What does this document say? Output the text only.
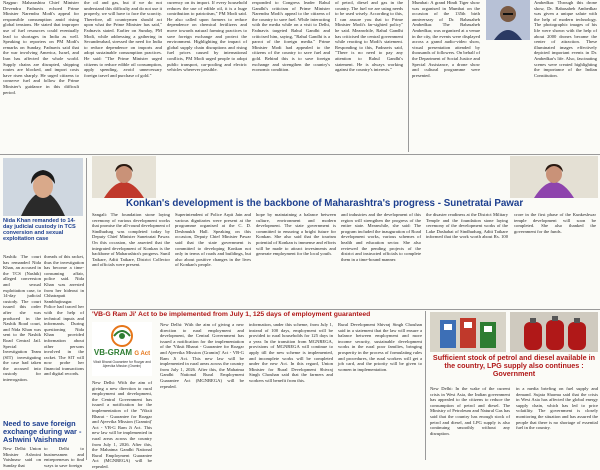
Nagpur: Maharashtra Chief Minister Devendra Fadnavis echoed Prime Minister Narendra Modi's appeal for responsible consumption amid rising global tensions. He stated that improper use of fuel resources could eventually lead to shortages in India as well. Speaking to reporters on PM Modi's remarks on Sunday, Fadnavis said that the war involving America, Israel, and Iran has affected the whole world. Supply chains are disrupted, shipping routes are blocked, and import costs have risen sharply. He urged citizens to conserve fuel and follow the Prime Minister's guidance in this difficult period.
the oil and gas, but if we do not understand this difficulty and do not use it properly, we will have to face the scarcity. Therefore, all countrymen should act upon what the Prime Minister has said," Fadnavis stated. Earlier on Sunday, PM Modi, while addressing a gathering in Secunderabad, stressed the need for India to reduce dependence on imports and adopt sustainable consumption practices. He said: "The Prime Minister urged citizens to reduce edible oil consumption, apply spending, avoid unnecessary foreign travel and purchase of gold."
currency on its import. If every household reduces the use of edible oil, it is a huge contribution to patriotism," PM Modi said. He also called upon farmers to reduce dependence on chemical fertilizers and move towards natural farming practices to save foreign exchange and protect the environment. Highlighting the impact of global supply chain disruptions and rising fuel prices caused by international conflicts, PM Modi urged people to adopt public transport, car-pooling and electric vehicles wherever possible.
responded to Congress leader Rahul Gandhi's criticism of Prime Minister Narendra Modi's appeal to the citizens of the country to save fuel. While interacting with the media while on a visit to Delhi, Fadnavis targeted Rahul Gandhi and criticised him, saying, "Rahul Gandhi is a parrot of the foreign media." Prime Minister Modi had appealed to the citizens of the country to save fuel and gold. Behind this is to save foreign exchange and strengthen the country's economic condition.
of petrol, diesel and gas in the country. The fuel we are using needs to be used wisely. According to this, I can assure you that to Prime Minister Modi's far-sighted policy" he said. Meanwhile, Rahul Gandhi has criticised the central government while reacting to Modi's statement. Responding to this, Fadnavis said, "There is no need to pay any attention to Rahul Gandhi's statement. He is always working against the country's interests."
Mumbai: A grand Hindi Tiger show was organised in Mumbai on the occasion of the 135th birth anniversary of Dr. Babasaheb Ambedkar. The Babasaheb Ambedkar, was organized at a venue in the city, the events were displayed across a grand audio-video show, visual presentation attended by thousands of followers. On behalf of the Department of Social Justice and Special Assistance, a drone show and cultural programme were presented.
Ambedkar. Through this drone show, Dr. Babasaheb Ambedkar was given a unique salute with the help of modern technology. The photographic images of his life were shown with the help of about 2000 drones became the center of attraction. These illuminated images effectively depicted important events in Dr. Ambedkar's life. Also, fascinating scenes were created highlighting the importance of the Indian Constitution.
Nida Khan remanded to 14-day judicial custody in TCS conversion and sexual exploitation case
Nashik: The court has remanded Nida Khan, an accused in the TCS (Nashik) alleged conversion and sexual exploitation case, to 14-day judicial custody. The court issued this order after she was produced in the Nashik Road court, and Nida Khan was sent to the Nashik Road Central Jail. Special Investigation Team (SIT) investigating the case had taken the accused into custody for interrogation.
threads of this racket, thus the investigation has become a time-consuming affair, police said. Nida Khan was arrested from her hideout in Chhatrapati Sambhajinagar. Police had traced her with the help of technical inputs and informants. During questioning Nida Khan provided information about other persons involved in the racket. The SIT will now probe her financial transactions and digital records.
Need to save foreign exchange during war - Ashwini Vaishnaw
New Delhi: Union Minister Ashwini Vaishnaw said on Sunday that
to Delhi to businessmen and entrepreneurs to find ways to save foreign
Konkan's development is the backbone of Maharashtra's progress - Sunetratai Pawar
Sangali: The foundation stone laying ceremony of various development works that promise the all-round development of Sindhudurg was completed today by Deputy Chief Minister Sunetratai Pawar. On this occasion, she asserted that the integrated development of Konkan is the backbone of Maharashtra's progress. Sunil Tatkare, Aditi Tatkare, District Collector and officials were present.
Superintendent of Police Arpit Jain and various dignitaries were present at the programme organised at the C. D. Deshmukh Hall. Speaking on this occasion, Deputy Chief Minister Pawar said that the state government is committed to developing Konkan not only in terms of roads and buildings, but also about positive changes in the lives of Konkan's people.
hope by maintaining a balance between culture, environment and modern development. The state government is committed to ensuring a bright future for Konkan. She also said that the tourism potential of Konkan is immense and efforts will be made to attract investments and generate employment for the local youth.
and industries and the development of this region will strengthen the progress of the entire state. Meanwhile, she said: The program included the inauguration of Road development works, various schemes of health and education sector. She also reviewed the pending projects of the district and instructed officials to complete them in a time-bound manner.
the disaster readiness at the District Military Temple and the foundation stone laying ceremony of the development works of the Lake Dashabai of Sindhudurg. Aditi Tatkare informed that the work worth about Rs. 100 crore in the first phase of the Kunkeshwar temple development will soon be completed. She also thanked the government for the funds.
'VB-G Ram Ji' Act to be implemented from July 1, 125 days of employment guaranteed
VB-GRAM G Act
Viksit Bharat Guarantee for Rozgar and Ajeevika Mission (Gramin)
New Delhi: With the aim of giving a new direction to rural employment and development, the Central Government has issued a notification for the implementation of the 'Viksit Bharat - Guarantee for Rozgar and Ajeevika Mission (Gramin)' Act - VB-G Ram Ji Act. This new law will be implemented in rural areas across the country from July 1, 2026. After this, the Mahatma Gandhi National Rural Employment Guarantee Act (MGNREGA) will be repealed.
New Delhi: With the aim of giving a new direction to rural employment and development, the Central Government has issued a notification for the implementation of the 'Viksit Bharat - Guarantee for Rozgar and Ajeevika Mission (Gramin)' Act - VB-G Ram Ji Act. This new law will be implemented in rural areas across the country from July 1, 2026. After this, the Mahatma Gandhi National Rural Employment Guarantee Act (MGNREGA) will be repealed.
information, under this scheme, from July 1, instead of 100 days, employment will be provided to rural households for 125 days in a year. In the transition from MGNREGA, provisions of MGNREGA will continue to apply till the new scheme is implemented, and incomplete works will be completed under the new Act. In this regard, Union Minister for Rural Development Shivraj Singh Chouhan said that the farmers and workers will benefit from this.
Rural Development Shivraj Singh Chouhan said in a statement that the law will ensure a balance between employment and more income security, sustainable development works in the rural poor families, bringing prosperity in the process of formulating rules and procedures, the rural workers will get a job card, and the priority will be given to women in implementation.
Sufficient stock of petrol and diesel available in the country, LPG supply also continues : Government
New Delhi: In the wake of the current crisis in West Asia, the Indian government has appealed to the citizens to reduce the consumption of petrol and diesel. The Ministry of Petroleum and Natural Gas has said that the country has enough stock of petrol and diesel, and LPG supply is also continuing smoothly without any disruption.
in a media briefing on fuel supply and demand. Sujata Sharma said that the crisis in West Asia has affected the global energy supply chain, which has led to price volatility. The government is closely monitoring the situation and has assured the people that there is no shortage of essential fuel in the country.
